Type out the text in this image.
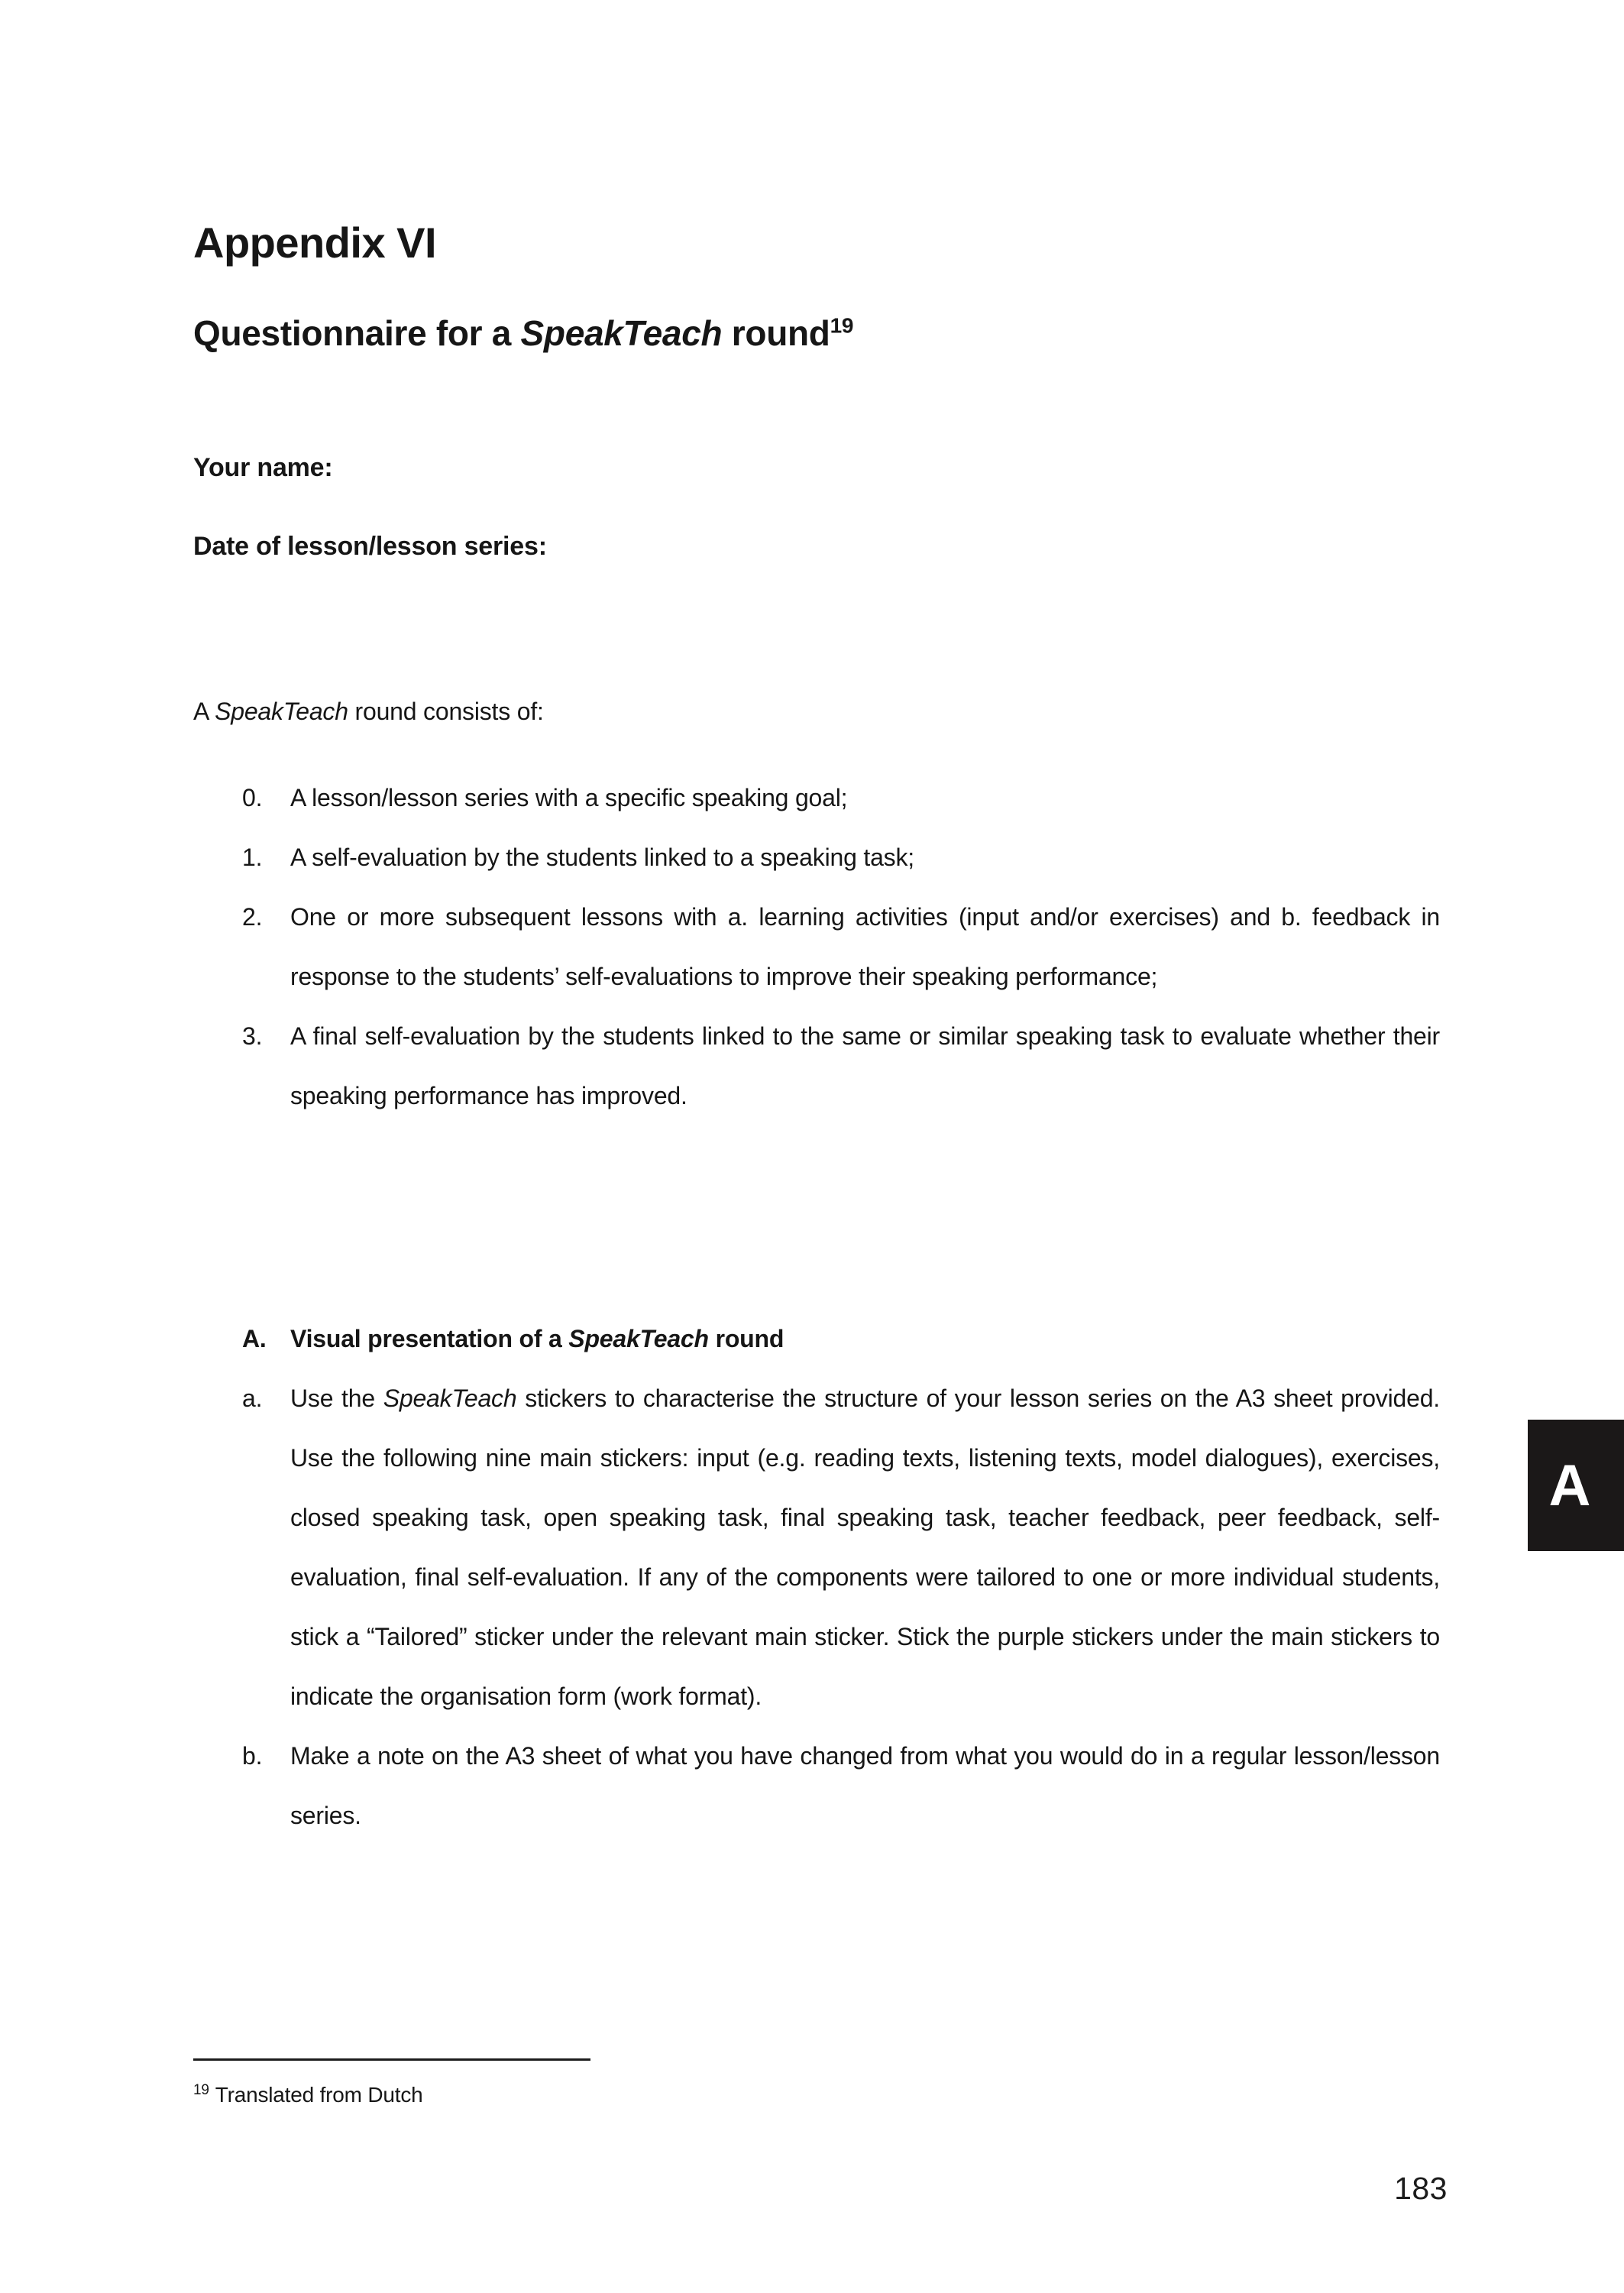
Appendix VI
Questionnaire for a SpeakTeach round$^{19}$
Your name:
Date of lesson/lesson series:
A SpeakTeach round consists of:
0.	A lesson/lesson series with a specific speaking goal;
1.	A self-evaluation by the students linked to a speaking task;
2.	One or more subsequent lessons with a. learning activities (input and/or exercises) and b. feedback in response to the students’ self-evaluations to improve their speaking performance;
3.	A final self-evaluation by the students linked to the same or similar speaking task to evaluate whether their speaking performance has improved.
A. Visual presentation of a SpeakTeach round
a.	Use the SpeakTeach stickers to characterise the structure of your lesson series on the A3 sheet provided. Use the following nine main stickers: input (e.g. reading texts, listening texts, model dialogues), exercises, closed speaking task, open speaking task, final speaking task, teacher feedback, peer feedback, self-evaluation, final self-evaluation. If any of the components were tailored to one or more individual students, stick a “Tailored” sticker under the relevant main sticker. Stick the purple stickers under the main stickers to indicate the organisation form (work format).
b.	Make a note on the A3 sheet of what you have changed from what you would do in a regular lesson/lesson series.
$^{19}$ Translated from Dutch
183
A
